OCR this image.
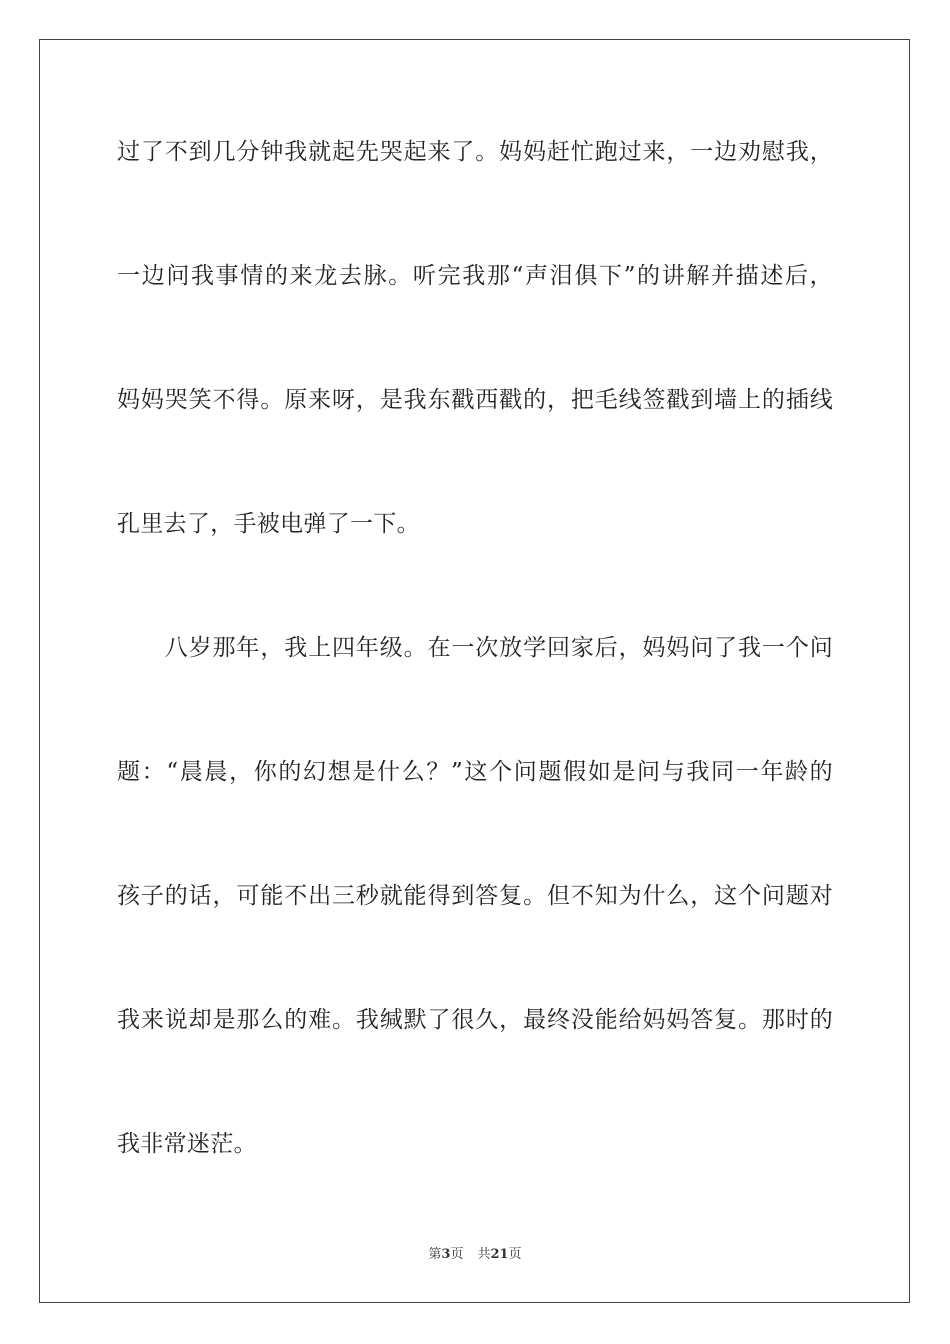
过了不到几分钟我就起先哭起来了。妈妈赶忙跑过来，一边劝慰我，
一边问我事情的来龙去脉。听完我那“声泪俱下”的讲解并描述后，
妈妈哭笑不得。原来呀，是我东戳西戳的，把毛线签戳到墙上的插线
孔里去了，手被电弹了一下。
　　八岁那年，我上四年级。在一次放学回家后，妈妈问了我一个问
题：“晨晨，你的幻想是什么？”这个问题假如是问与我同一年龄的
孩子的话，可能不出三秒就能得到答复。但不知为什么，这个问题对
我来说却是那么的难。我缄默了很久，最终没能给妈妈答复。那时的
我非常迷茫。
第3页 共21页
